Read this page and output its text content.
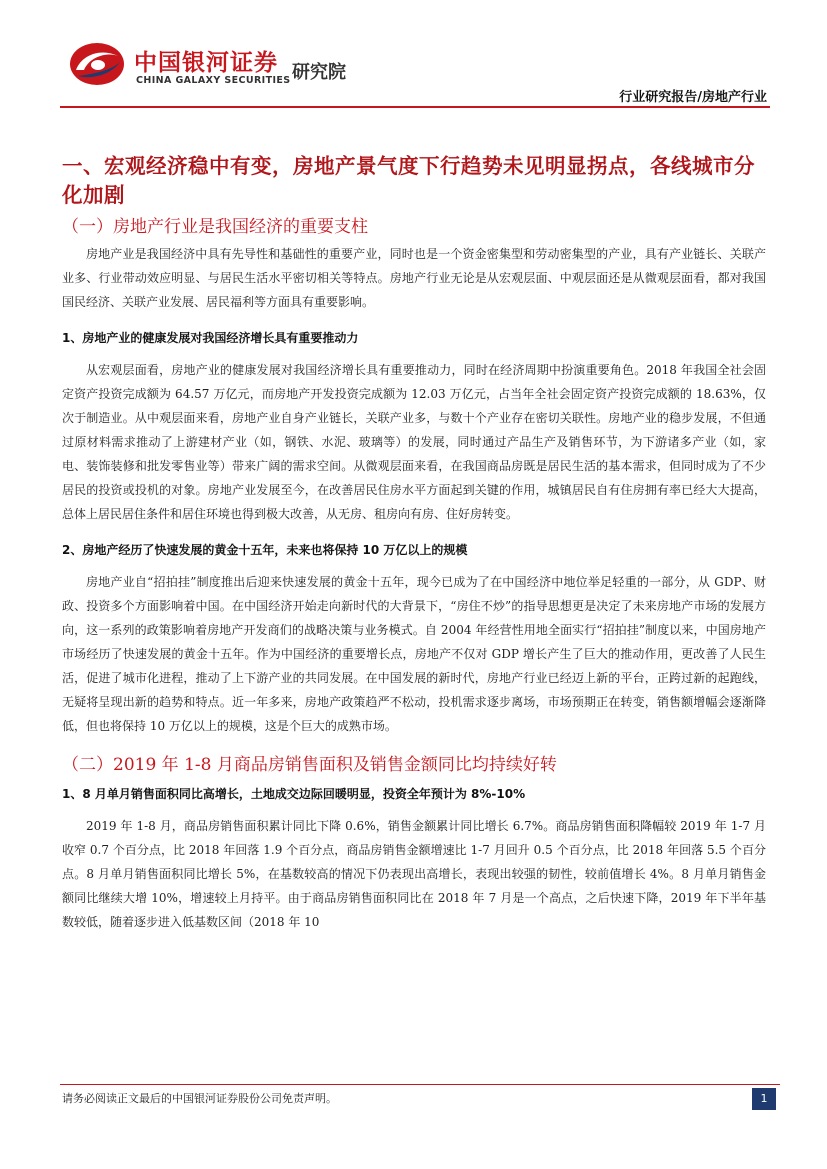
中国银河证券
CHINA GALAXY SECURITIES 研究院
行业研究报告/房地产行业
一、宏观经济稳中有变，房地产景气度下行趋势未见明显拐点，各线城市分化加剧
（一）房地产行业是我国经济的重要支柱

房地产业是我国经济中具有先导性和基础性的重要产业，同时也是一个资金密集型和劳动密集型的产业，具有产业链长、关联产业多、行业带动效应明显、与居民生活水平密切相关等特点。房地产行业无论是从宏观层面、中观层面还是从微观层面看，都对我国国民经济、关联产业发展、居民福利等方面具有重要影响。

1、房地产业的健康发展对我国经济增长具有重要推动力

从宏观层面看，房地产业的健康发展对我国经济增长具有重要推动力，同时在经济周期中扮演重要角色。2018 年我国全社会固定资产投资完成额为 64.57 万亿元，而房地产开发投资完成额为 12.03 万亿元，占当年全社会固定资产投资完成额的 18.63%，仅次于制造业。从中观层面来看，房地产业自身产业链长，关联产业多，与数十个产业存在密切关联性。房地产业的稳步发展，不但通过原材料需求推动了上游建材产业（如，钢铁、水泥、玻璃等）的发展，同时通过产品生产及销售环节，为下游诸多产业（如，家电、装饰装修和批发零售业等）带来广阔的需求空间。从微观层面来看，在我国商品房既是居民生活的基本需求，但同时成为了不少居民的投资或投机的对象。房地产业发展至今，在改善居民住房水平方面起到关键的作用，城镇居民自有住房拥有率已经大大提高，总体上居民居住条件和居住环境也得到极大改善，从无房、租房向有房、住好房转变。

2、房地产经历了快速发展的黄金十五年，未来也将保持 10 万亿以上的规模

房地产业自“招拍挂”制度推出后迎来快速发展的黄金十五年，现今已成为了在中国经济中地位举足轻重的一部分，从 GDP、财政、投资多个方面影响着中国。在中国经济开始走向新时代的大背景下，“房住不炒”的指导思想更是决定了未来房地产市场的发展方向，这一系列的政策影响着房地产开发商们的战略决策与业务模式。自 2004 年经营性用地全面实行“招拍挂”制度以来，中国房地产市场经历了快速发展的黄金十五年。作为中国经济的重要增长点，房地产不仅对 GDP 增长产生了巨大的推动作用，更改善了人民生活，促进了城市化进程，推动了上下游产业的共同发展。在中国发展的新时代，房地产行业已经迈上新的平台，正跨过新的起跑线，无疑将呈现出新的趋势和特点。近一年多来，房地产政策趋严不松动，投机需求逐步离场，市场预期正在转变，销售额增幅会逐渐降低，但也将保持 10 万亿以上的规模，这是个巨大的成熟市场。

（二）2019 年 1-8 月商品房销售面积及销售金额同比均持续好转
1、8 月单月销售面积同比高增长，土地成交边际回暖明显，投资全年预计为 8%-10%

2019 年 1-8 月，商品房销售面积累计同比下降 0.6%，销售金额累计同比增长 6.7%。商品房销售面积降幅较 2019 年 1-7 月收窄 0.7 个百分点，比 2018 年回落 1.9 个百分点，商品房销售金额增速比 1-7 月回升 0.5 个百分点，比 2018 年回落 5.5 个百分点。8 月单月销售面积同比增长 5%，在基数较高的情况下仍表现出高增长，表现出较强的韧性，较前值增长 4%。8 月单月销售金额同比继续大增 10%，增速较上月持平。由于商品房销售面积同比在 2018 年 7 月是一个高点，之后快速下降，2019 年下半年基数较低，随着逐步进入低基数区间（2018 年 10

请务必阅读正文最后的中国银河证券股份公司免责声明。	1
